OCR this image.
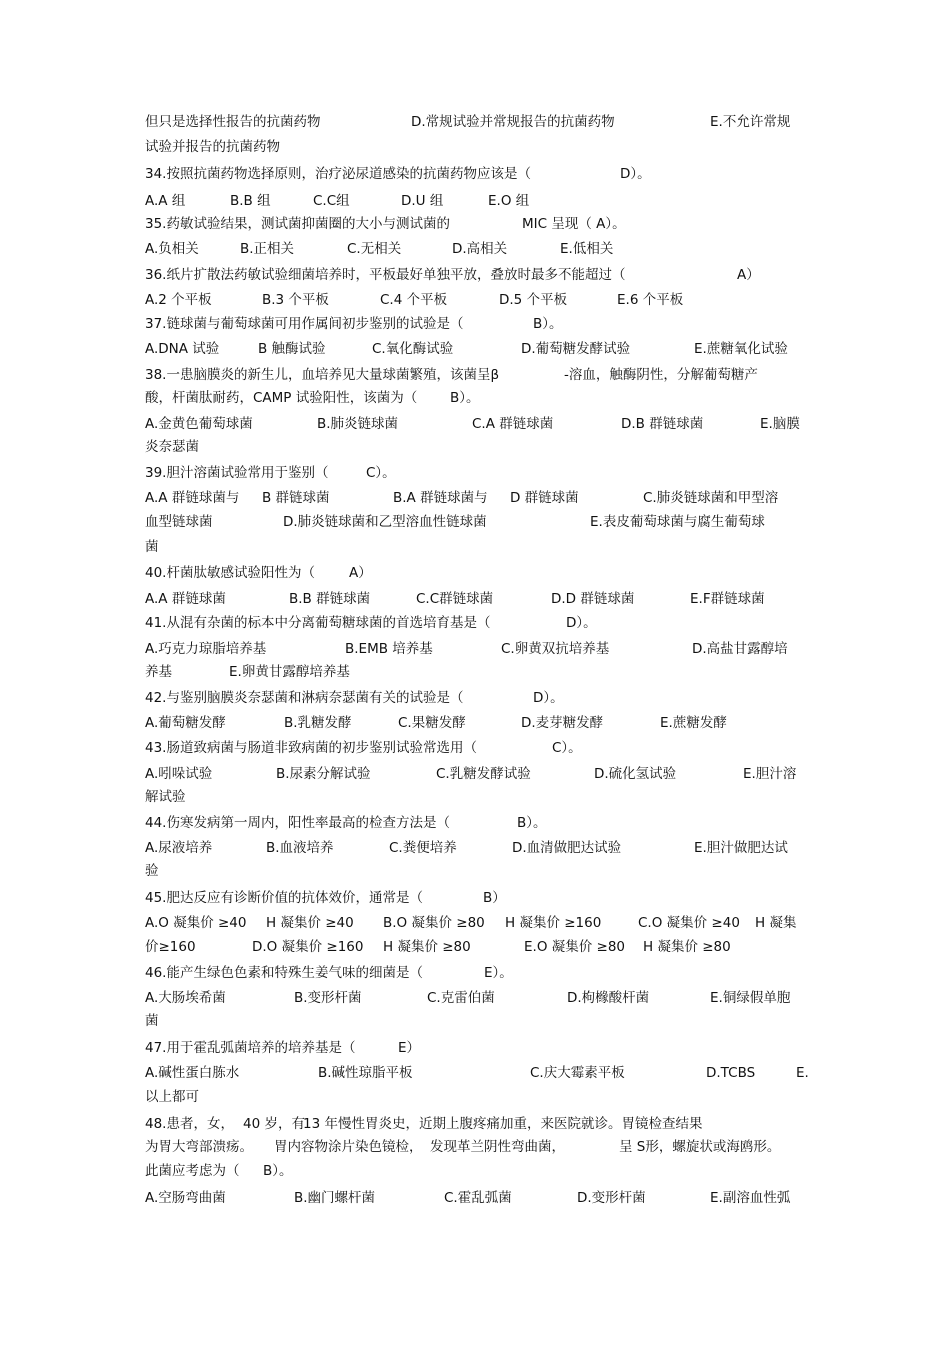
但只是选择性报告的抗菌药物	D.常规试验并常规报告的抗菌药物	E.不允许常规
试验并报告的抗菌药物
34.按照抗菌药物选择原则，治疗泌尿道感染的抗菌药物应该是（	D）。
A.A 组	B.B 组	C.C组	D.U 组	E.O 组
35.药敏试验结果，测试菌抑菌圈的大小与测试菌的	MIC 呈现（ A）。
A.负相关	B.正相关	C.无相关	D.高相关	E.低相关
36.纸片扩散法药敏试验细菌培养时，平板最好单独平放，叠放时最多不能超过（	A）
A.2 个平板	B.3 个平板	C.4 个平板	D.5 个平板	E.6 个平板
37.链球菌与葡萄球菌可用作属间初步鉴别的试验是（	B）。
A.DNA 试验	B 触酶试验	C.氧化酶试验	D.葡萄糖发酵试验	E.蔗糖氧化试验
38.一患脑膜炎的新生儿，血培养见大量球菌繁殖，该菌呈β	-溶血，触酶阴性，分解葡萄糖产
酸，杆菌肽耐药，CAMP 试验阳性，该菌为（ B）。
A.金黄色葡萄球菌	B.肺炎链球菌	C.A 群链球菌	D.B 群链球菌	E.脑膜
炎奈瑟菌
39.胆汁溶菌试验常用于鉴别（	C）。
A.A 群链球菌与 B 群链球菌	B.A 群链球菌与 D 群链球菌	C.肺炎链球菌和甲型溶
血型链球菌	D.肺炎链球菌和乙型溶血性链球菌	E.表皮葡萄球菌与腐生葡萄球
菌
40.杆菌肽敏感试验阳性为（	A）
A.A 群链球菌	B.B 群链球菌	C.C群链球菌	D.D 群链球菌	E.F群链球菌
41.从混有杂菌的标本中分离葡萄糖球菌的首选培育基是（	D）。
A.巧克力琼脂培养基	B.EMB 培养基	C.卵黄双抗培养基	D.高盐甘露醇培
养基	E.卵黄甘露醇培养基
42.与鉴别脑膜炎奈瑟菌和淋病奈瑟菌有关的试验是（	D）。
A.葡萄糖发酵	B.乳糖发酵	C.果糖发酵	D.麦芽糖发酵	E.蔗糖发酵
43.肠道致病菌与肠道非致病菌的初步鉴别试验常选用（	C）。
A.吲哚试验	B.尿素分解试验	C.乳糖发酵试验	D.硫化氢试验	E.胆汁溶
解试验
44.伤寒发病第一周内，阳性率最高的检查方法是（	B）。
A.尿液培养	B.血液培养	C.粪便培养	D.血清做肥达试验	E.胆汁做肥达试
验
45.肥达反应有诊断价值的抗体效价，通常是（	B）
A.O 凝集价 ≥40 H 凝集价 ≥40 B.O 凝集价 ≥80 H 凝集价 ≥160	C.O 凝集价 ≥40 H 凝集
价≥160	D.O 凝集价 ≥160 H 凝集价 ≥80	E.O 凝集价 ≥80 H 凝集价 ≥80
46.能产生绿色色素和特殊生姜气味的细菌是（	E）。
A.大肠埃希菌	B.变形杆菌	C.克雷伯菌	D.枸橼酸杆菌	E.铜绿假单胞
菌
47.用于霍乱弧菌培养的培养基是（	E）
A.碱性蛋白胨水	B.碱性琼脂平板	C.庆大霉素平板	D.TCBS	E.
以上都可
48.患者，女， 40 岁，有
13 年慢性胃炎史，近期上腹疼痛加重，来医院就诊。胃镜检查结果
为胃大弯部溃疡。 胃内容物涂片染色镜检， 发现革兰阴性弯曲菌，	呈 S形，螺旋状或海鸥形。
此菌应考虑为（ B）。
A.空肠弯曲菌	B.幽门螺杆菌	C.霍乱弧菌	D.变形杆菌	E.副溶血性弧
